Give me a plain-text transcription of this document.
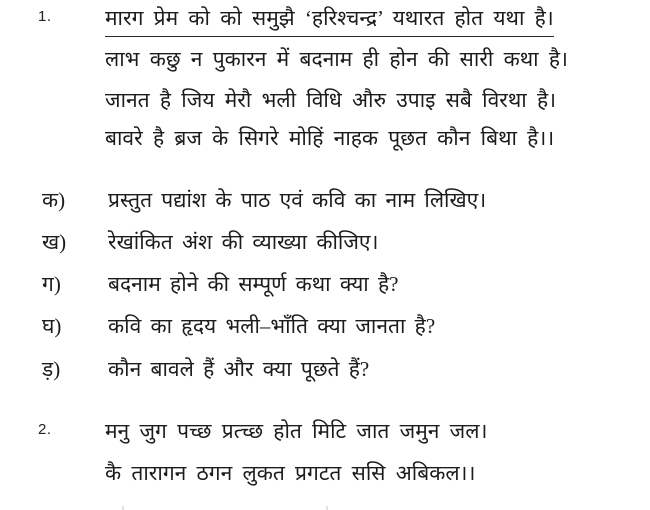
1.	मारग प्रेम को को समुझै ‘हरिश्चन्द्र’ यथारत होत यथा है।
लाभ कछु न पुकारन में बदनाम ही होन की सारी कथा है।
जानत है जिय मेरौ भली विधि औरु उपाइ सबै विरथा है।
बावरे है ब्रज के सिगरे मोहिं नाहक पूछत कौन बिथा है।।
क) प्रस्तुत पद्यांश के पाठ एवं कवि का नाम लिखिए।
ख) रेखांकित अंश की व्याख्या कीजिए।
ग) बदनाम होने की सम्पूर्ण कथा क्या है?
घ) कवि का हृदय भली–भाँति क्या जानता है?
ड़) कौन बावले हैं और क्या पूछते हैं?
2.	मनु जुग पच्छ प्रत्च्छ होत मिटि जात जमुन जल।
कै तारागन ठगन लुकत प्रगटत ससि अबिकल।।
